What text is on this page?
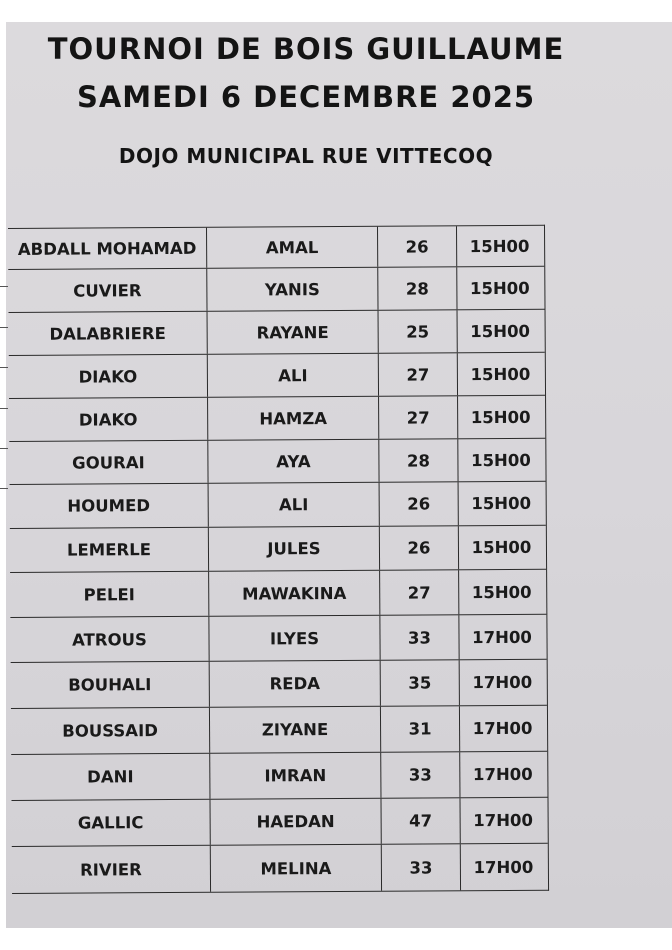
TOURNOI DE BOIS GUILLAUME
SAMEDI 6 DECEMBRE 2025
DOJO MUNICIPAL RUE VITTECOQ
ABDALL MOHAMAD	AMAL	26	15H00
CUVIER	YANIS	28	15H00
DALABRIERE	RAYANE	25	15H00
DIAKO	ALI	27	15H00
DIAKO	HAMZA	27	15H00
GOURAI	AYA	28	15H00
HOUMED	ALI	26	15H00
LEMERLE	JULES	26	15H00
PELEI	MAWAKINA	27	15H00
ATROUS	ILYES	33	17H00
BOUHALI	REDA	35	17H00
BOUSSAID	ZIYANE	31	17H00
DANI	IMRAN	33	17H00
GALLIC	HAEDAN	47	17H00
RIVIER	MELINA	33	17H00
